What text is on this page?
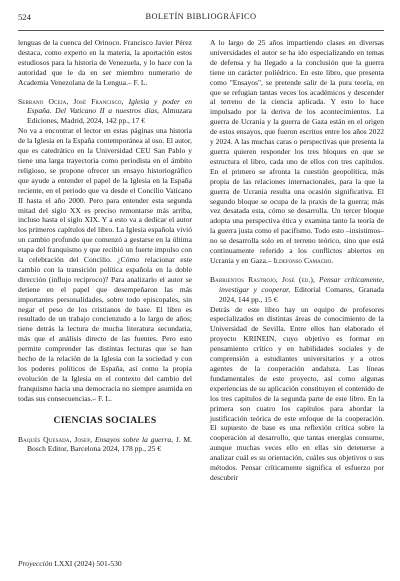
524	BOLETÍN BIBLIOGRÁFICO

lenguas de la cuenca del Orinoco. Francisco Javier Pérez destaca, como experto en la materia, la aportación estos estudiosos para la historia de Venezuela, y lo hace con la autoridad que le da en ser miembro numerario de Academia Venezolana de la Lengua.– F. L.

Serrano Oceja, José Francisco, Iglesia y poder en España. Del Vaticano II a nuestros días, Almuzara Ediciones, Madrid, 2024, 142 pp., 17 €

No va a encontrar el lector en estas páginas una historia de la Iglesia en la España contemporánea al uso. El autor, que es catedrático en la Universidad CEU San Pablo y tiene una larga trayectoria como periodista en el ámbito religioso, se propone ofrecer un ensayo historiográfico que ayude a entender el papel de la Iglesia en la España reciente, en el periodo que va desde el Concilio Vaticano II hasta el año 2000. Pero para entender esta segunda mitad del siglo XX es preciso remontarse más arriba, incluso hasta el siglo XIX. Y a esto va a dedicar el autor los primeros capítulos del libro. La Iglesia española vivió un cambio profundo que comenzó a gestarse en la última etapa del franquismo y que recibió un fuerte impulso con la celebración del Concilio. ¿Cómo relacionar este cambio con la transición política española en la doble dirección (influjo recíproco)? Para analizarlo el autor se detiene en el papel que desempeñaron las más importantes personalidades, sobre todo episcopales, sin negar el peso de los cristianos de base. El libro es resultado de un trabajo concienzudo a lo largo de años; tiene detrás la lectura de mucha literatura secundaria, más que el análisis directo de las fuentes. Pero esto permite comprender las distintas lecturas que se han hecho de la relación de la Iglesia con la sociedad y con los poderes políticos de España, así como la propia evolución de la Iglesia en el contexto del cambio del franquismo hacia una democracia no siempre asumida en todas sus consecuencias.– F. L.

CIENCIAS SOCIALES

Baqués Quesada, Josep, Ensayos sobre la guerra, J. M. Bosch Editor, Barcelona 2024, 178 pp., 25 €

A lo largo de 25 años impartiendo clases en diversas universidades el autor se ha ido especializando en temas de defensa y ha llegado a la conclusión que la guerra tiene un carácter poliédrico. En este libro, que presenta como "Ensayos", se pretende salir de la pura teoría, en que se refugian tantas veces los académicos y descender al terreno de la ciencia aplicada. Y esto lo hace impulsado por la deriva de los acontecimientos. La guerra de Ucrania y la guerra de Gaza están en el origen de estos ensayos, que fueron escritos entre los años 2022 y 2024. A las muchas caras o perspectivas que presenta la guerra quieren responder los tres bloques en que se estructura el libro, cada uno de ellos con tres capítulos. En el primero se afronta la cuestión geopolítica, más propia de las relaciones internacionales, para la que la guerra de Ucrania resulta una ocasión significativa. El segundo bloque se ocupa de la praxis de la guerra; más vez desatada esta, cómo se desarrolla. Un tercer bloque adopta una perspectiva ética y examina tanto la teoría de la guerra justa como el pacifismo. Todo esto –insistimos– no se desarrolla solo en el terreno teórico, sino que está continuamente referido a los conflictos abiertos en Ucrania y en Gaza.– Ildefonso Camacho.

Barrientos Rastrojo, José (ed.), Pensar críticamente, investigar y cooperar, Editorial Comares, Granada 2024, 144 pp., 15 €

Detrás de este libro hay un equipo de profesores especializados en distintas áreas de conocimiento de la Universidad de Sevilla. Entre ellos han elaborado el proyecto KRINEIN, cuyo objetivo es formar en pensamiento crítico y en habilidades sociales y de comprensión a estudiantes universitarios y a otros agentes de la cooperación andaluza. Las líneas fundamentales de este proyecto, así como algunas experiencias de su aplicación constituyen el contenido de los tres capítulos de la segunda parte de este libro. En la primera son cuatro los capítulos para abordar la justificación teórica de este enfoque de la cooperación. El supuesto de base es una reflexión crítica sobre la cooperación al desarrollo, que tantas energías consume, aunque muchas veces ello en ellas sin detenerse a analizar cuál es su orientación, cuáles sus objetivos o sus métodos. Pensar críticamente significa el esfuerzo por descubrir

Proyección LXXI (2024) 501-530
